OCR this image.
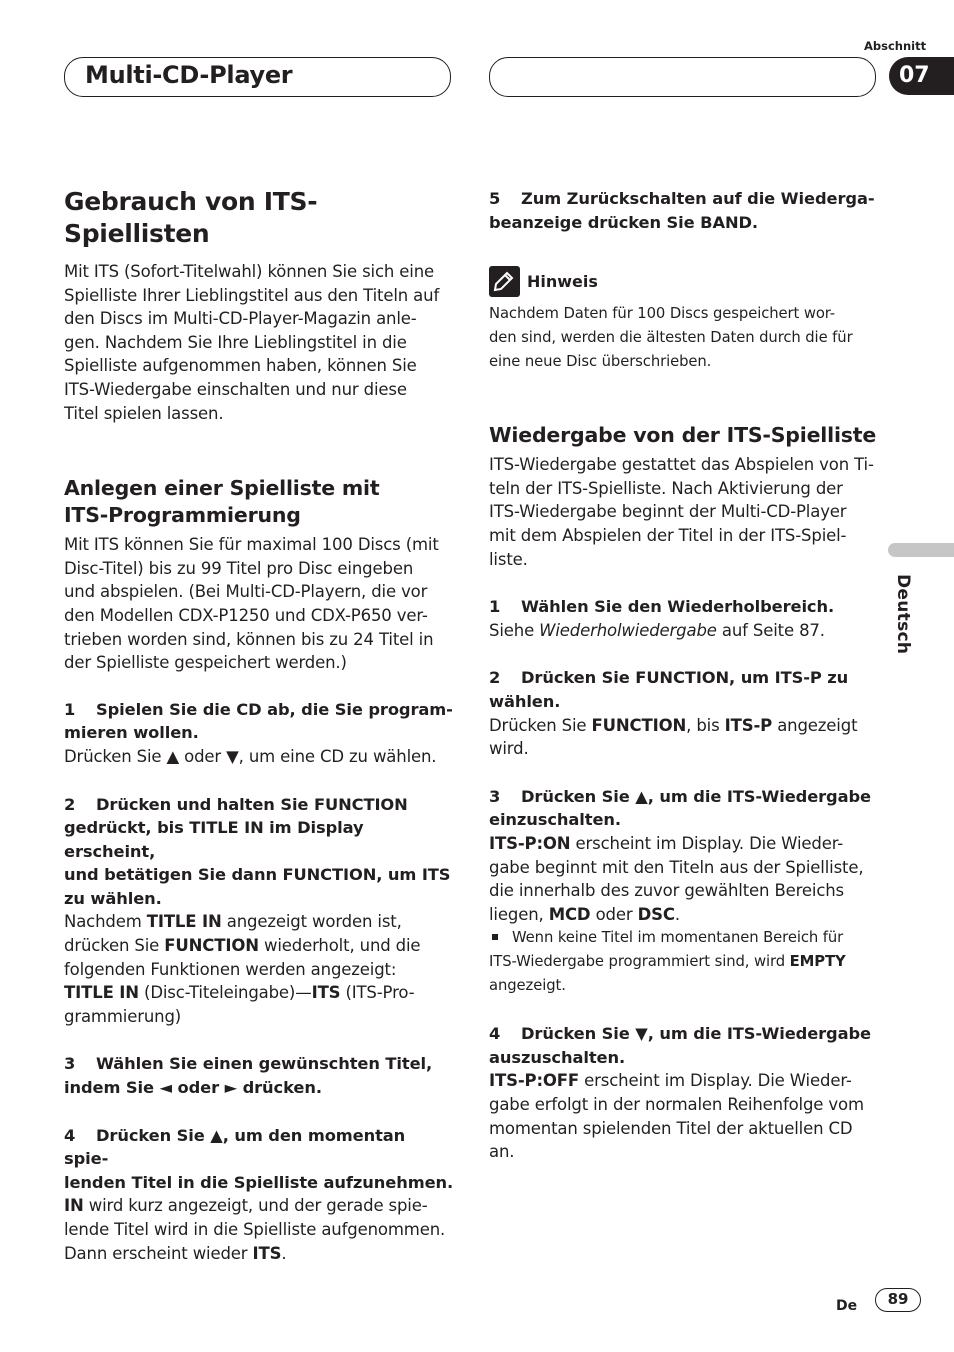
Multi-CD-Player
Abschnitt
07
Gebrauch von ITS-Spiellisten

Mit ITS (Sofort-Titelwahl) können Sie sich eine

Spielliste Ihrer Lieblingstitel aus den Titeln auf

den Discs im Multi-CD-Player-Magazin anle-

gen. Nachdem Sie Ihre Lieblingstitel in die

Spielliste aufgenommen haben, können Sie

ITS-Wiedergabe einschalten und nur diese

Titel spielen lassen.

Anlegen einer Spielliste mit
ITS-Programmierung

Mit ITS können Sie für maximal 100 Discs (mit

Disc-Titel) bis zu 99 Titel pro Disc eingeben

und abspielen. (Bei Multi-CD-Playern, die vor

den Modellen CDX-P1250 und CDX-P650 ver-

trieben worden sind, können bis zu 24 Titel in

der Spielliste gespeichert werden.)

1 Spielen Sie die CD ab, die Sie program-

mieren wollen.

Drücken Sie ▲ oder ▼, um eine CD zu wählen.

2 Drücken und halten Sie FUNCTION

gedrückt, bis TITLE IN im Display erscheint,

und betätigen Sie dann FUNCTION, um ITS

zu wählen.

Nachdem TITLE IN angezeigt worden ist,

drücken Sie FUNCTION wiederholt, und die

folgenden Funktionen werden angezeigt:

TITLE IN (Disc-Titeleingabe)—ITS (ITS-Pro-

grammierung)

3 Wählen Sie einen gewünschten Titel,

indem Sie ◄ oder ► drücken.

4 Drücken Sie ▲, um den momentan spie-

lenden Titel in die Spielliste aufzunehmen.

IN wird kurz angezeigt, und der gerade spie-

lende Titel wird in die Spielliste aufgenommen.

Dann erscheint wieder ITS.

5 Zum Zurückschalten auf die Wiederga-

beanzeige drücken Sie BAND.

Hinweis

Nachdem Daten für 100 Discs gespeichert wor-

den sind, werden die ältesten Daten durch die für

eine neue Disc überschrieben.

Wiedergabe von der ITS-Spielliste

ITS-Wiedergabe gestattet das Abspielen von Ti-

teln der ITS-Spielliste. Nach Aktivierung der

ITS-Wiedergabe beginnt der Multi-CD-Player

mit dem Abspielen der Titel in der ITS-Spiel-

liste.

1 Wählen Sie den Wiederholbereich.

Siehe Wiederholwiedergabe auf Seite 87.

2 Drücken Sie FUNCTION, um ITS-P zu

wählen.

Drücken Sie FUNCTION, bis ITS-P angezeigt

wird.

3 Drücken Sie ▲, um die ITS-Wiedergabe

einzuschalten.

ITS-P:ON erscheint im Display. Die Wieder-

gabe beginnt mit den Titeln aus der Spielliste,

die innerhalb des zuvor gewählten Bereichs

liegen, MCD oder DSC.

Wenn keine Titel im momentanen Bereich für

ITS-Wiedergabe programmiert sind, wird EMPTY

angezeigt.

4 Drücken Sie ▼, um die ITS-Wiedergabe

auszuschalten.

ITS-P:OFF erscheint im Display. Die Wieder-

gabe erfolgt in der normalen Reihenfolge vom

momentan spielenden Titel der aktuellen CD

an.

Deutsch
De	89
